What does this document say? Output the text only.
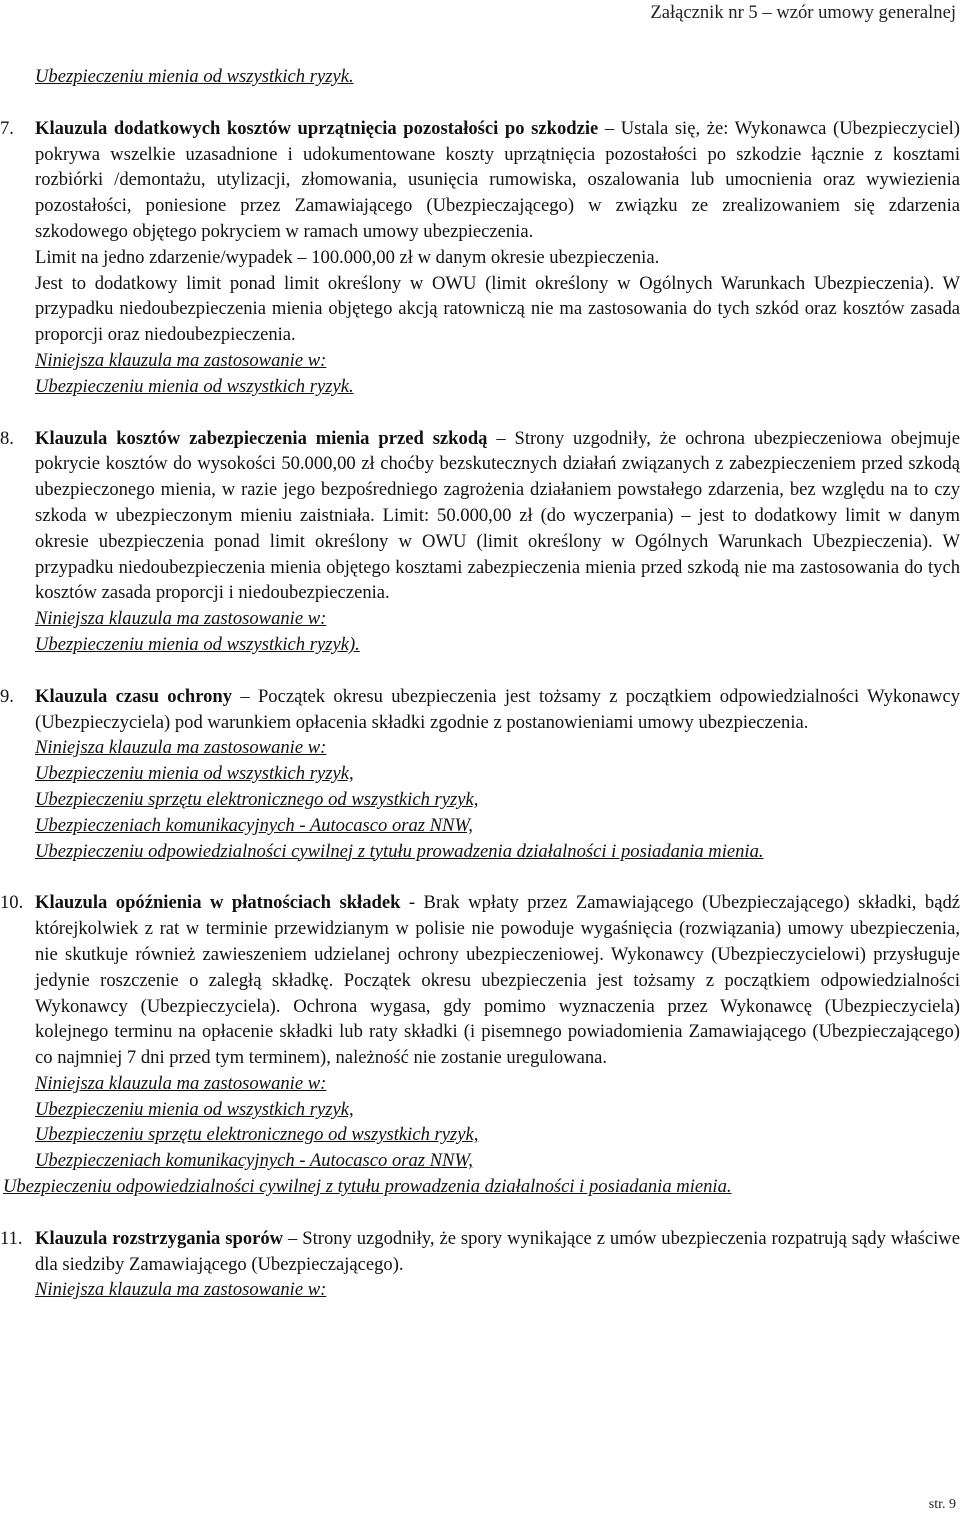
Załącznik nr 5 – wzór umowy generalnej

Ubezpieczeniu mienia od wszystkich ryzyk.

7. Klauzula dodatkowych kosztów uprzątnięcia pozostałości po szkodzie – Ustala się, że: Wykonawca (Ubezpieczyciel) pokrywa wszelkie uzasadnione i udokumentowane koszty uprzątnięcia pozostałości po szkodzie łącznie z kosztami rozbiórki /demontażu, utylizacji, złomowania, usunięcia rumowiska, oszalowania lub umocnienia oraz wywiezienia pozostałości, poniesione przez Zamawiającego (Ubezpieczającego) w związku ze zrealizowaniem się zdarzenia szkodowego objętego pokryciem w ramach umowy ubezpieczenia.

Limit na jedno zdarzenie/wypadek – 100.000,00 zł w danym okresie ubezpieczenia.

Jest to dodatkowy limit ponad limit określony w OWU (limit określony w Ogólnych Warunkach Ubezpieczenia). W przypadku niedoubezpieczenia mienia objętego akcją ratowniczą nie ma zastosowania do tych szkód oraz kosztów zasada proporcji oraz niedoubezpieczenia.

Niniejsza klauzula ma zastosowanie w:

Ubezpieczeniu mienia od wszystkich ryzyk.

8. Klauzula kosztów zabezpieczenia mienia przed szkodą – Strony uzgodniły, że ochrona ubezpieczeniowa obejmuje pokrycie kosztów do wysokości 50.000,00 zł choćby bezskutecznych działań związanych z zabezpieczeniem przed szkodą ubezpieczonego mienia, w razie jego bezpośredniego zagrożenia działaniem powstałego zdarzenia, bez względu na to czy szkoda w ubezpieczonym mieniu zaistniała. Limit: 50.000,00 zł (do wyczerpania) – jest to dodatkowy limit w danym okresie ubezpieczenia ponad limit określony w OWU (limit określony w Ogólnych Warunkach Ubezpieczenia). W przypadku niedoubezpieczenia mienia objętego kosztami zabezpieczenia mienia przed szkodą nie ma zastosowania do tych kosztów zasada proporcji i niedoubezpieczenia.

Niniejsza klauzula ma zastosowanie w:

Ubezpieczeniu mienia od wszystkich ryzyk).

9. Klauzula czasu ochrony – Początek okresu ubezpieczenia jest tożsamy z początkiem odpowiedzialności Wykonawcy (Ubezpieczyciela) pod warunkiem opłacenia składki zgodnie z postanowieniami umowy ubezpieczenia.

Niniejsza klauzula ma zastosowanie w:

Ubezpieczeniu mienia od wszystkich ryzyk,

Ubezpieczeniu sprzętu elektronicznego od wszystkich ryzyk,

Ubezpieczeniach komunikacyjnych - Autocasco oraz NNW,

Ubezpieczeniu odpowiedzialności cywilnej z tytułu prowadzenia działalności i posiadania mienia.

10. Klauzula opóźnienia w płatnościach składek - Brak wpłaty przez Zamawiającego (Ubezpieczającego) składki, bądź którejkolwiek z rat w terminie przewidzianym w polisie nie powoduje wygaśnięcia (rozwiązania) umowy ubezpieczenia, nie skutkuje również zawieszeniem udzielanej ochrony ubezpieczeniowej. Wykonawcy (Ubezpieczycielowi) przysługuje jedynie roszczenie o zaległą składkę. Początek okresu ubezpieczenia jest tożsamy z początkiem odpowiedzialności Wykonawcy (Ubezpieczyciela). Ochrona wygasa, gdy pomimo wyznaczenia przez Wykonawcę (Ubezpieczyciela) kolejnego terminu na opłacenie składki lub raty składki (i pisemnego powiadomienia Zamawiającego (Ubezpieczającego) co najmniej 7 dni przed tym terminem), należność nie zostanie uregulowana.

Niniejsza klauzula ma zastosowanie w:

Ubezpieczeniu mienia od wszystkich ryzyk,

Ubezpieczeniu sprzętu elektronicznego od wszystkich ryzyk,

Ubezpieczeniach komunikacyjnych - Autocasco oraz NNW,

Ubezpieczeniu odpowiedzialności cywilnej z tytułu prowadzenia działalności i posiadania mienia.

11. Klauzula rozstrzygania sporów – Strony uzgodniły, że spory wynikające z umów ubezpieczenia rozpatrują sądy właściwe dla siedziby Zamawiającego (Ubezpieczającego).

Niniejsza klauzula ma zastosowanie w:

str. 9
